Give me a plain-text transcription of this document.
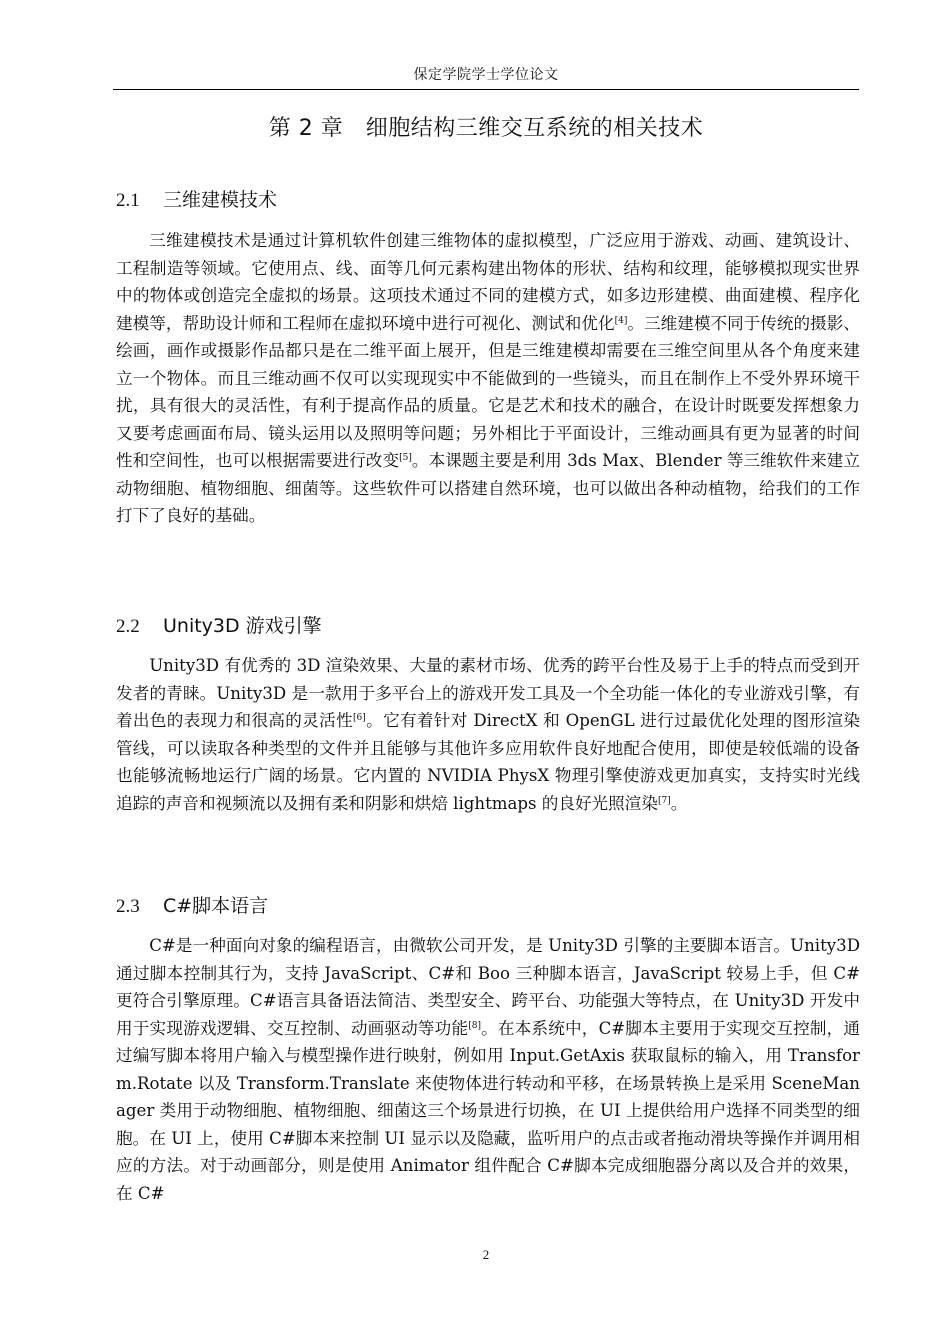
保定学院学士学位论文
第 2 章　细胞结构三维交互系统的相关技术
2.1 三维建模技术

三维建模技术是通过计算机软件创建三维物体的虚拟模型，广泛应用于游戏、动画、建筑设计、工程制造等领域。它使用点、线、面等几何元素构建出物体的形状、结构和纹理，能够模拟现实世界中的物体或创造完全虚拟的场景。这项技术通过不同的建模方式，如多边形建模、曲面建模、程序化建模等，帮助设计师和工程师在虚拟环境中进行可视化、测试和优化[4]。三维建模不同于传统的摄影、绘画，画作或摄影作品都只是在二维平面上展开，但是三维建模却需要在三维空间里从各个角度来建立一个物体。而且三维动画不仅可以实现现实中不能做到的一些镜头，而且在制作上不受外界环境干扰，具有很大的灵活性，有利于提高作品的质量。它是艺术和技术的融合，在设计时既要发挥想象力又要考虑画面布局、镜头运用以及照明等问题；另外相比于平面设计，三维动画具有更为显著的时间性和空间性，也可以根据需要进行改变[5]。本课题主要是利用 3ds Max、Blender 等三维软件来建立动物细胞、植物细胞、细菌等。这些软件可以搭建自然环境，也可以做出各种动植物，给我们的工作打下了良好的基础。

2.2 Unity3D 游戏引擎

Unity3D 有优秀的 3D 渲染效果、大量的素材市场、优秀的跨平台性及易于上手的特点而受到开发者的青睐。Unity3D 是一款用于多平台上的游戏开发工具及一个全功能一体化的专业游戏引擎，有着出色的表现力和很高的灵活性[6]。它有着针对 DirectX 和 OpenGL 进行过最优化处理的图形渲染管线，可以读取各种类型的文件并且能够与其他许多应用软件良好地配合使用，即使是较低端的设备也能够流畅地运行广阔的场景。它内置的 NVIDIA PhysX 物理引擎使游戏更加真实，支持实时光线追踪的声音和视频流以及拥有柔和阴影和烘焙 lightmaps 的良好光照渲染[7]。

2.3 C#脚本语言

C#是一种面向对象的编程语言，由微软公司开发，是 Unity3D 引擎的主要脚本语言。Unity3D 通过脚本控制其行为，支持 JavaScript、C#和 Boo 三种脚本语言，JavaScript 较易上手，但 C#更符合引擎原理。C#语言具备语法简洁、类型安全、跨平台、功能强大等特点，在 Unity3D 开发中用于实现游戏逻辑、交互控制、动画驱动等功能[8]。在本系统中，C#脚本主要用于实现交互控制，通过编写脚本将用户输入与模型操作进行映射，例如用 Input.GetAxis 获取鼠标的输入，用 Transform.Rotate 以及 Transform.Translate 来使物体进行转动和平移，在场景转换上是采用 SceneManager 类用于动物细胞、植物细胞、细菌这三个场景进行切换，在 UI 上提供给用户选择不同类型的细胞。在 UI 上，使用 C#脚本来控制 UI 显示以及隐藏，监听用户的点击或者拖动滑块等操作并调用相应的方法。对于动画部分，则是使用 Animator 组件配合 C#脚本完成细胞器分离以及合并的效果，在 C#

2
